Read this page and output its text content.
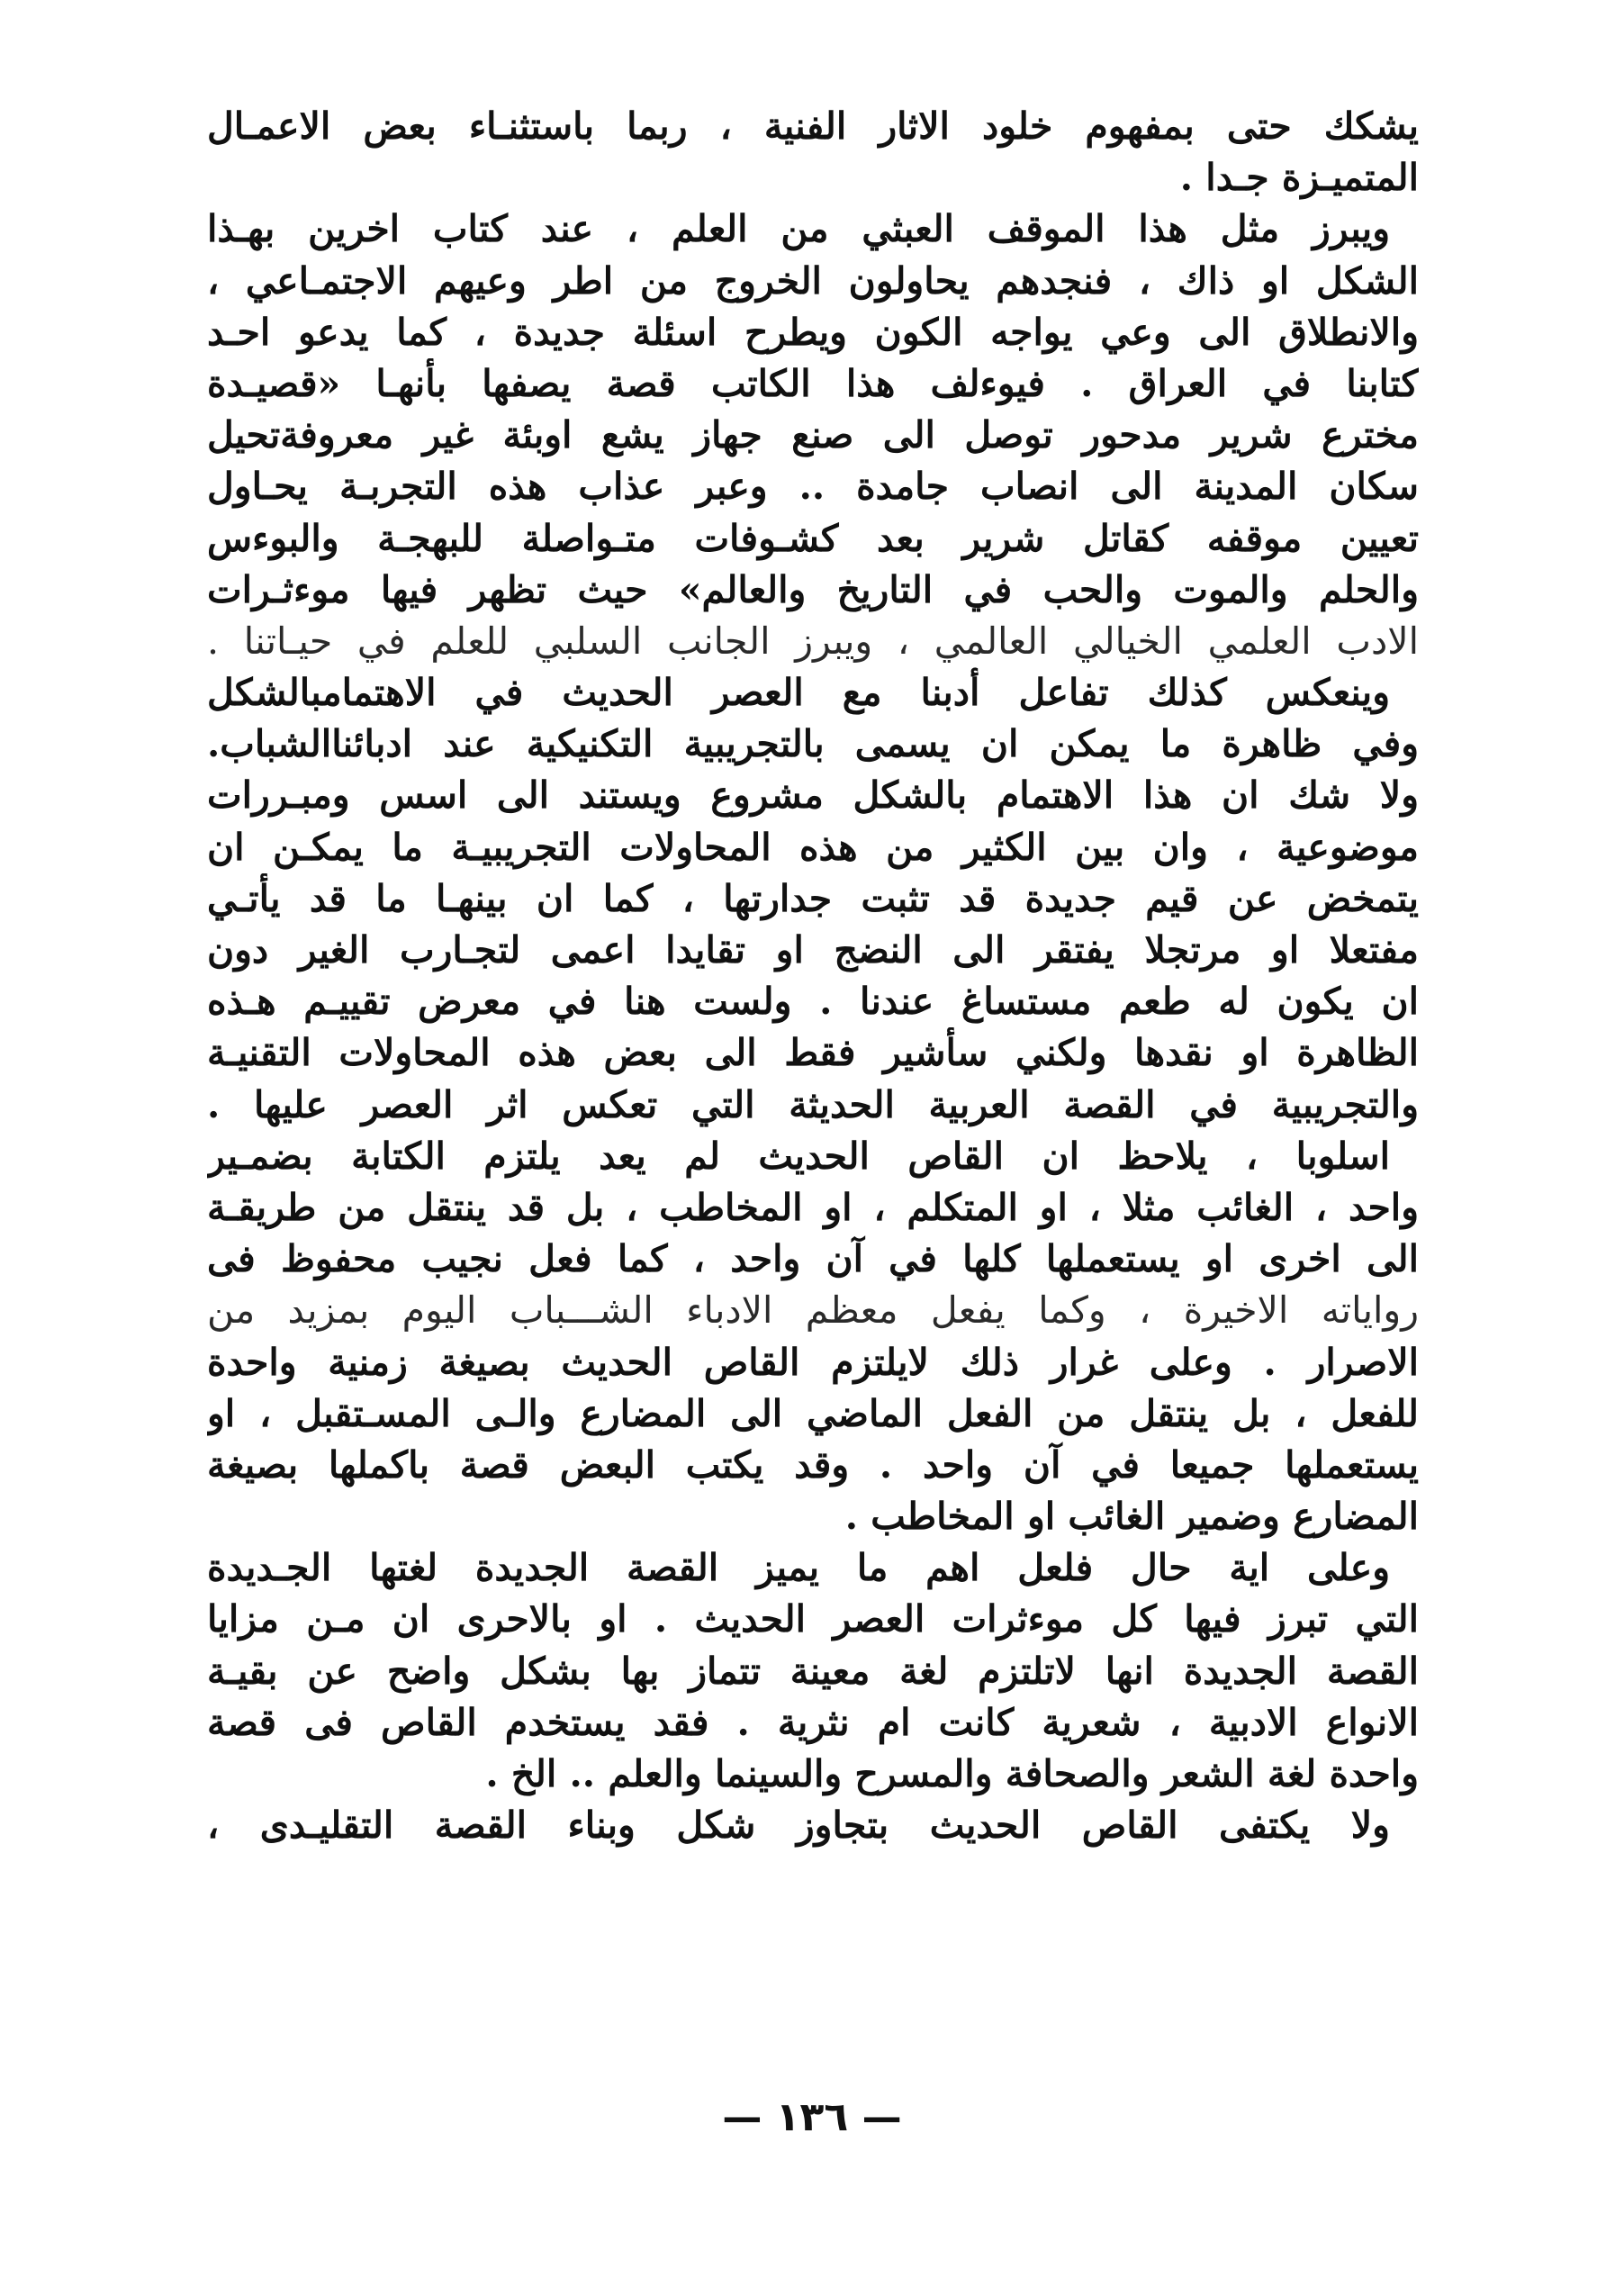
يشكك حتى بمفهوم خلود الاثار الفنية ، ربما باستثنـاء بعض الاعمـال
المتميـزة جـدا .
ويبرز مثل هذا الموقف العبثي من العلم ، عند كتاب اخرين بهـذا
الشكل او ذاك ، فنجدهم يحاولون الخروج من اطر وعيهم الاجتمـاعي ،
والانطلاق الى وعي يواجه الكون ويطرح اسئلة جديدة ، كما يدعو احـد
كتابنا في العراق . فيوءلف هذا الكاتب قصة يصفها بأنهـا «قصيـدة
مخترع شرير مدحور توصل الى صنع جهاز يشع اوبئة غير معروفةتحيل
سكان المدينة الى انصاب جامدة .. وعبر عذاب هذه التجربـة يحـاول
تعيين موقفه كقاتل شرير بعد كشـوفات متـواصلة للبهجـة والبوءس
والحلم والموت والحب في التاريخ والعالم» حيث تظهر فيها موءثـرات
الادب العلمي الخيالي العالمي ، ويبرز الجانب السلبي للعلم في حيـاتنا .
وينعكس كذلك تفاعل أدبنا مع العصر الحديث في الاهتمامبالشكل
وفي ظاهرة ما يمكن ان يسمى بالتجريبية التكنيكية عند ادبائناالشباب.
ولا شك ان هذا الاهتمام بالشكل مشروع ويستند الى اسس ومبـررات
موضوعية ، وان بين الكثير من هذه المحاولات التجريبيـة ما يمكـن ان
يتمخض عن قيم جديدة قد تثبت جدارتها ، كما ان بينهـا ما قد يأتـي
مفتعلا او مرتجلا يفتقر الى النضج او تقايدا اعمى لتجـارب الغير دون
ان يكون له طعم مستساغ عندنا . ولست هنا في معرض تقييـم هـذه
الظاهرة او نقدها ولكني سأشير فقط الى بعض هذه المحاولات التقنيـة
والتجريبية في القصة العربية الحديثة التي تعكس اثر العصر عليها .
اسلوبا ، يلاحظ ان القاص الحديث لم يعد يلتزم الكتابة بضمـير
واحد ، الغائب مثلا ، او المتكلم ، او المخاطب ، بل قد ينتقل من طريقـة
الى اخرى او يستعملها كلها في آن واحد ، كما فعل نجيب محفوظ فى
رواياته الاخيرة ، وكما يفعل معظم الادباء الشـــباب اليوم بمزيد من
الاصرار . وعلى غرار ذلك لايلتزم القاص الحديث بصيغة زمنية واحدة
للفعل ، بل ينتقل من الفعل الماضي الى المضارع والـى المسـتقبل ، او
يستعملها جميعا في آن واحد . وقد يكتب البعض قصة باكملها بصيغة
المضارع وضمير الغائب او المخاطب .
وعلى اية حال فلعل اهم ما يميز القصة الجديدة لغتها الجـديدة
التي تبرز فيها كل موءثرات العصر الحديث . او بالاحرى ان مـن مزايا
القصة الجديدة انها لاتلتزم لغة معينة تتماز بها بشكل واضح عن بقيـة
الانواع الادبية ، شعرية كانت ام نثرية . فقد يستخدم القاص فى قصة
واحدة لغة الشعر والصحافة والمسرح والسينما والعلم .. الخ .
ولا يكتفى القاص الحديث بتجاوز شكل وبناء القصة التقليـدى ،
— ١٣٦ —
